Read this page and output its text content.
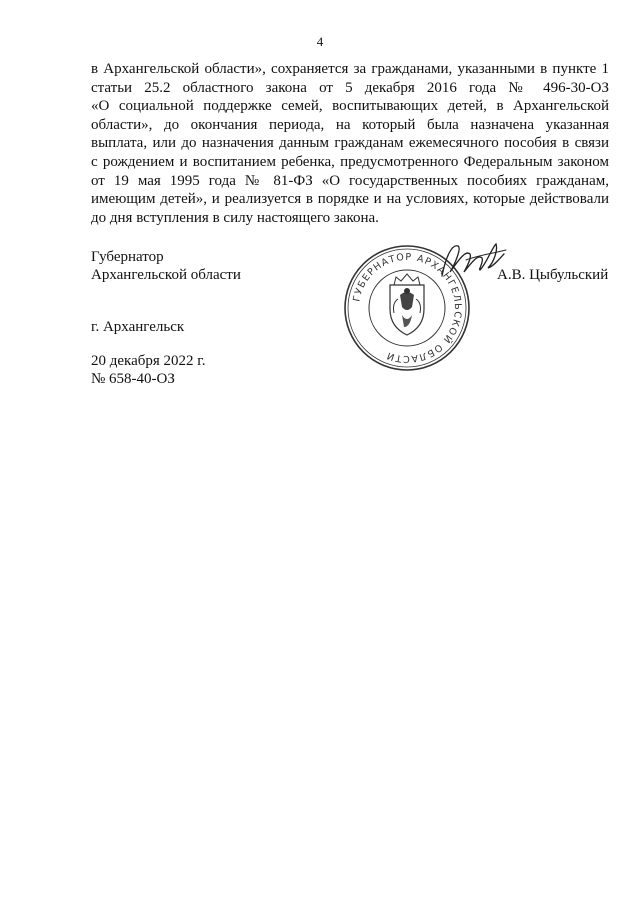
4
в Архангельской области», сохраняется за гражданами, указанными в пункте 1
статьи 25.2 областного закона от 5 декабря 2016 года № 496-30-ОЗ
«О социальной поддержке семей, воспитывающих детей, в Архангельской
области», до окончания периода, на который была назначена указанная
выплата, или до назначения данным гражданам ежемесячного пособия в связи
с рождением и воспитанием ребенка, предусмотренного Федеральным законом
от 19 мая 1995 года № 81-ФЗ «О государственных пособиях гражданам,
имеющим детей», и реализуется в порядке и на условиях, которые действовали
до дня вступления в силу настоящего закона.
Губернатор
Архангельской области	А.В. Цыбульский
ГУБЕРНАТОР АРХАНГЕЛЬСКОЙ ОБЛАСТИ
г. Архангельск
20 декабря 2022 г.
№ 658-40-ОЗ
